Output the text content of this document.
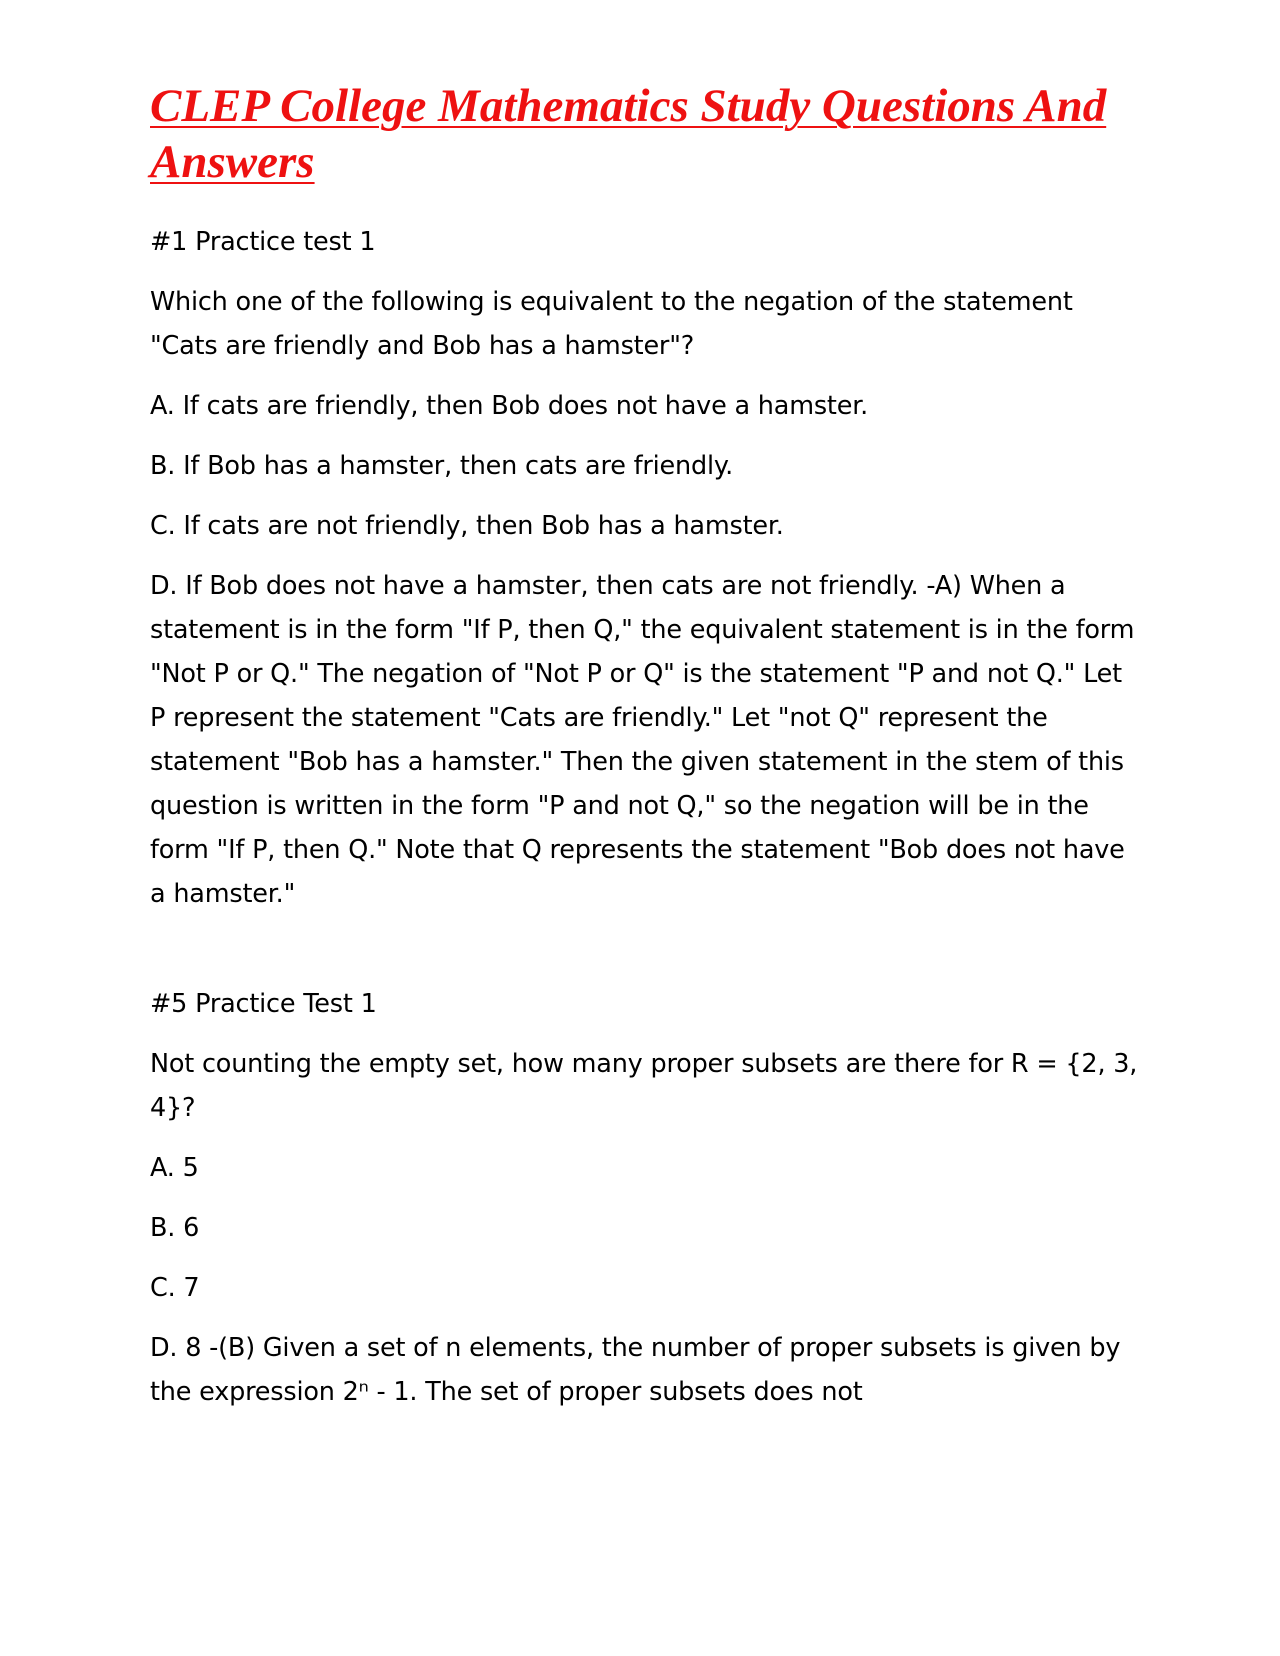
CLEP College Mathematics Study Questions And Answers

#1 Practice test 1

Which one of the following is equivalent to the negation of the statement "Cats are friendly and Bob has a hamster"?

A. If cats are friendly, then Bob does not have a hamster.

B. If Bob has a hamster, then cats are friendly.

C. If cats are not friendly, then Bob has a hamster.

D. If Bob does not have a hamster, then cats are not friendly. -A) When a statement is in the form "If P, then Q," the equivalent statement is in the form "Not P or Q." The negation of "Not P or Q" is the statement "P and not Q." Let P represent the statement "Cats are friendly." Let "not Q" represent the statement "Bob has a hamster." Then the given statement in the stem of this question is written in the form "P and not Q," so the negation will be in the form "If P, then Q." Note that Q represents the statement "Bob does not have a hamster."

#5 Practice Test 1

Not counting the empty set, how many proper subsets are there for R = {2, 3, 4}?

A. 5

B. 6

C. 7

D. 8 -(B) Given a set of n elements, the number of proper subsets is given by the expression 2ⁿ - 1. The set of proper subsets does not
